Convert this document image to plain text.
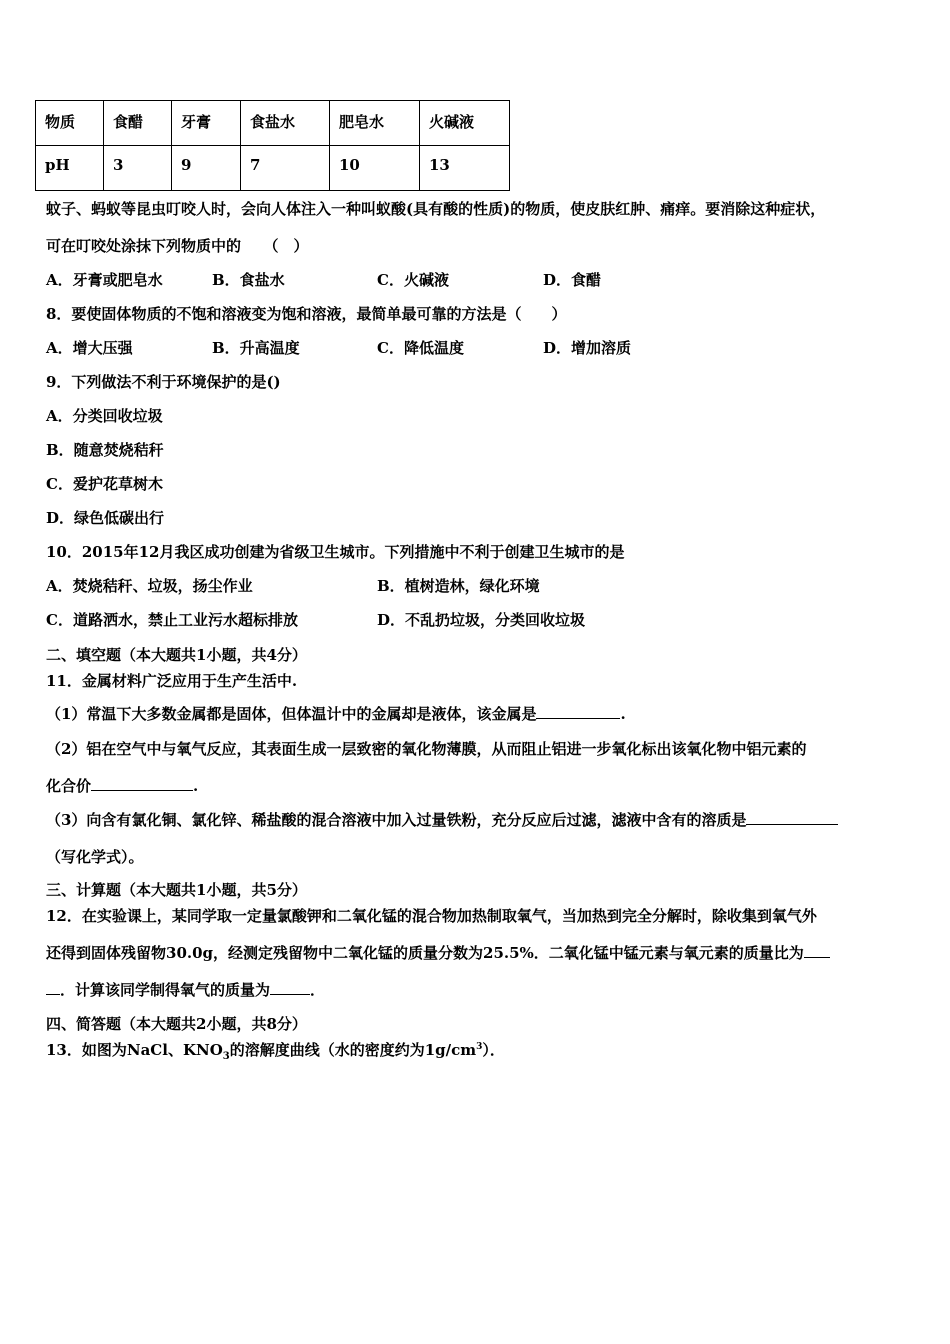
物质	食醋	牙膏	食盐水	肥皂水	火碱液
pH	3	9	7	10	13
蚊子、蚂蚁等昆虫叮咬人时，会向人体注入一种叫蚁酸(具有酸的性质)的物质，使皮肤红肿、痛痒。要消除这种症状，
可在叮咬处涂抹下列物质中的　　（　）
A．牙膏或肥皂水	B．食盐水	C．火碱液	D．食醋
8．要使固体物质的不饱和溶液变为饱和溶液，最简单最可靠的方法是（　　）
A．增大压强	B．升高温度	C．降低温度	D．增加溶质
9．下列做法不利于环境保护的是()
A．分类回收垃圾
B．随意焚烧秸秆
C．爱护花草树木
D．绿色低碳出行
10．2015年12月我区成功创建为省级卫生城市。下列措施中不利于创建卫生城市的是
A．焚烧秸秆、垃圾，扬尘作业	B．植树造林，绿化环境
C．道路洒水，禁止工业污水超标排放	D．不乱扔垃圾，分类回收垃圾
二、填空题（本大题共1小题，共4分）
11．金属材料广泛应用于生产生活中.
（1）常温下大多数金属都是固体，但体温计中的金属却是液体，该金属是	.
（2）铝在空气中与氧气反应，其表面生成一层致密的氧化物薄膜，从而阻止铝进一步氧化标出该氧化物中铝元素的
化合价	.
（3）向含有氯化铜、氯化锌、稀盐酸的混合溶液中加入过量铁粉，充分反应后过滤，滤液中含有的溶质是
（写化学式）。
三、计算题（本大题共1小题，共5分）
12．在实验课上，某同学取一定量氯酸钾和二氧化锰的混合物加热制取氧气，当加热到完全分解时，除收集到氧气外
还得到固体残留物30.0g，经测定残留物中二氧化锰的质量分数为25.5%．二氧化锰中锰元素与氧元素的质量比为
．计算该同学制得氧气的质量为	．
四、简答题（本大题共2小题，共8分）
13．如图为NaCl、$KNO_3$的溶解度曲线（水的密度约为$1g/cm^3$）．
